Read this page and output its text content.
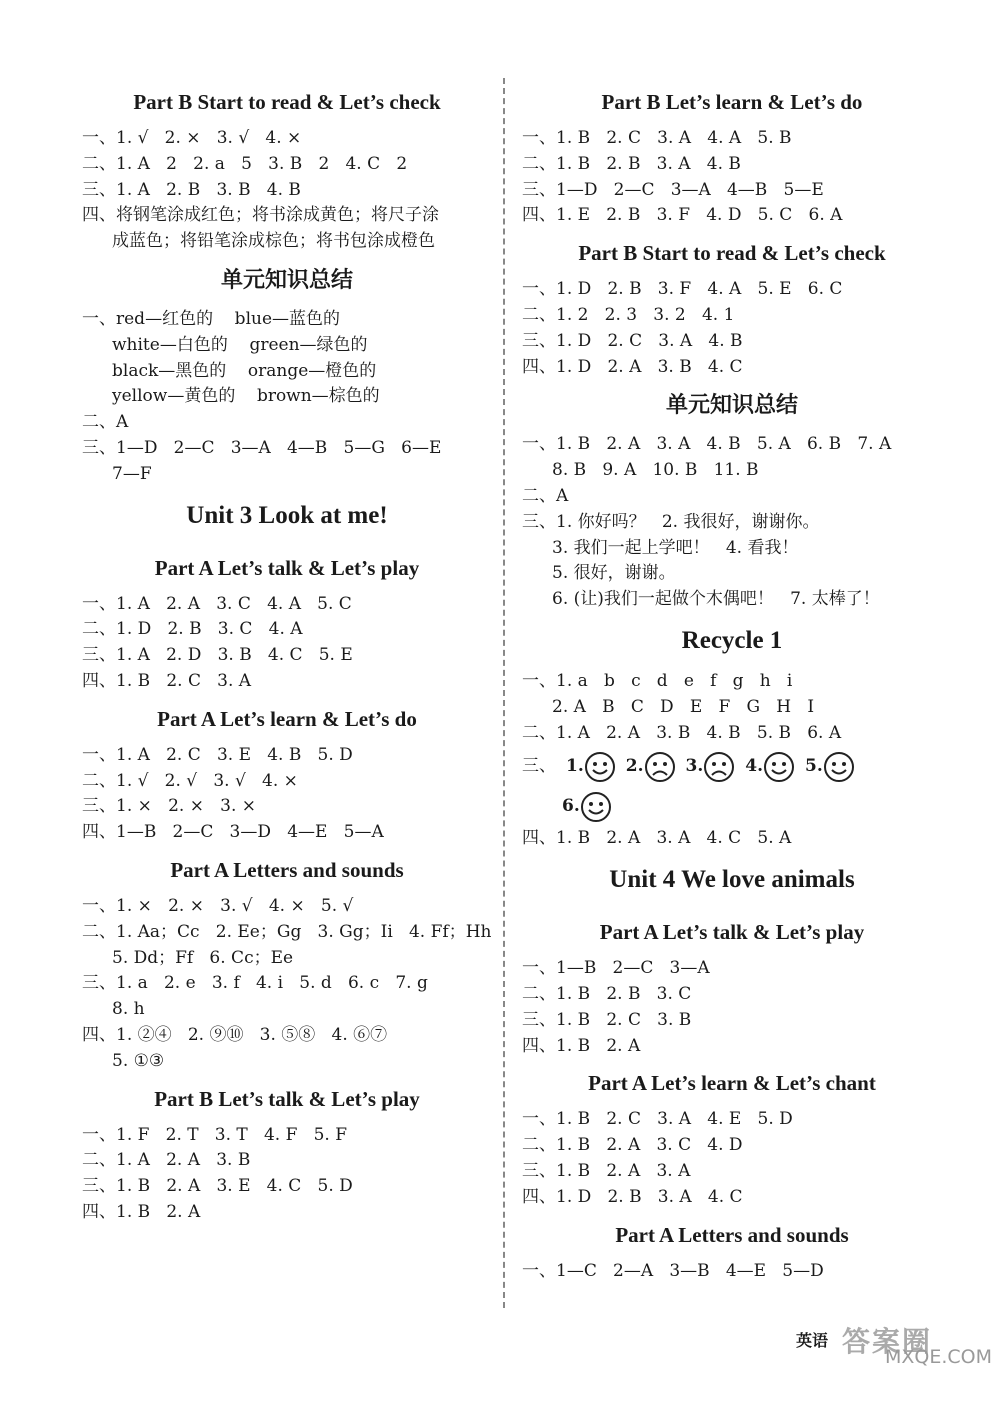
Part B Start to read & Let’s check
一、1. √   2. ×   3. √   4. ×
二、1. A   2   2. a   5   3. B   2   4. C   2
三、1. A   2. B   3. B   4. B
四、将钢笔涂成红色；将书涂成黄色；将尺子涂
成蓝色；将铅笔涂成棕色；将书包涂成橙色
单元知识总结
一、red—红色的    blue—蓝色的
white—白色的    green—绿色的
black—黑色的    orange—橙色的
yellow—黄色的    brown—棕色的
二、A
三、1—D   2—C   3—A   4—B   5—G   6—E
7—F
Unit 3 Look at me!
Part A Let’s talk & Let’s play
一、1. A   2. A   3. C   4. A   5. C
二、1. D   2. B   3. C   4. A
三、1. A   2. D   3. B   4. C   5. E
四、1. B   2. C   3. A
Part A Let’s learn & Let’s do
一、1. A   2. C   3. E   4. B   5. D
二、1. √   2. √   3. √   4. ×
三、1. ×   2. ×   3. ×
四、1—B   2—C   3—D   4—E   5—A
Part A Letters and sounds
一、1. ×   2. ×   3. √   4. ×   5. √
二、1. Aa；Cc   2. Ee；Gg   3. Gg；Ii   4. Ff；Hh
5. Dd；Ff   6. Cc；Ee
三、1. a   2. e   3. f   4. i   5. d   6. c   7. g
8. h
四、1. ②④   2. ⑨⑩   3. ⑤⑧   4. ⑥⑦
5. ①③
Part B Let’s talk & Let’s play
一、1. F   2. T   3. T   4. F   5. F
二、1. A   2. A   3. B
三、1. B   2. A   3. E   4. C   5. D
四、1. B   2. A
Part B Let’s learn & Let’s do
一、1. B   2. C   3. A   4. A   5. B
二、1. B   2. B   3. A   4. B
三、1—D   2—C   3—A   4—B   5—E
四、1. E   2. B   3. F   4. D   5. C   6. A
Part B Start to read & Let’s check
一、1. D   2. B   3. F   4. A   5. E   6. C
二、1. 2   2. 3   3. 2   4. 1
三、1. D   2. C   3. A   4. B
四、1. D   2. A   3. B   4. C
单元知识总结
一、1. B   2. A   3. A   4. B   5. A   6. B   7. A
8. B   9. A   10. B   11. B
二、A
三、1. 你好吗？   2. 我很好，谢谢你。
3. 我们一起上学吧！   4. 看我！
5. 很好，谢谢。
6. (让)我们一起做个木偶吧！   7. 太棒了！
Recycle 1
一、1. a   b   c   d   e   f   g   h   i
2. A   B   C   D   E   F   G   H   I
二、1. A   2. A   3. B   4. B   5. B   6. A
三、 1. 2. 3. 4. 5.
6.
四、1. B   2. A   3. A   4. C   5. A
Unit 4 We love animals
Part A Let’s talk & Let’s play
一、1—B   2—C   3—A
二、1. B   2. B   3. C
三、1. B   2. C   3. B
四、1. B   2. A
Part A Let’s learn & Let’s chant
一、1. B   2. C   3. A   4. E   5. D
二、1. B   2. A   3. C   4. D
三、1. B   2. A   3. A
四、1. D   2. B   3. A   4. C
Part A Letters and sounds
一、1—C   2—A   3—B   4—E   5—D
英语 答案圈
MXQE.COM
